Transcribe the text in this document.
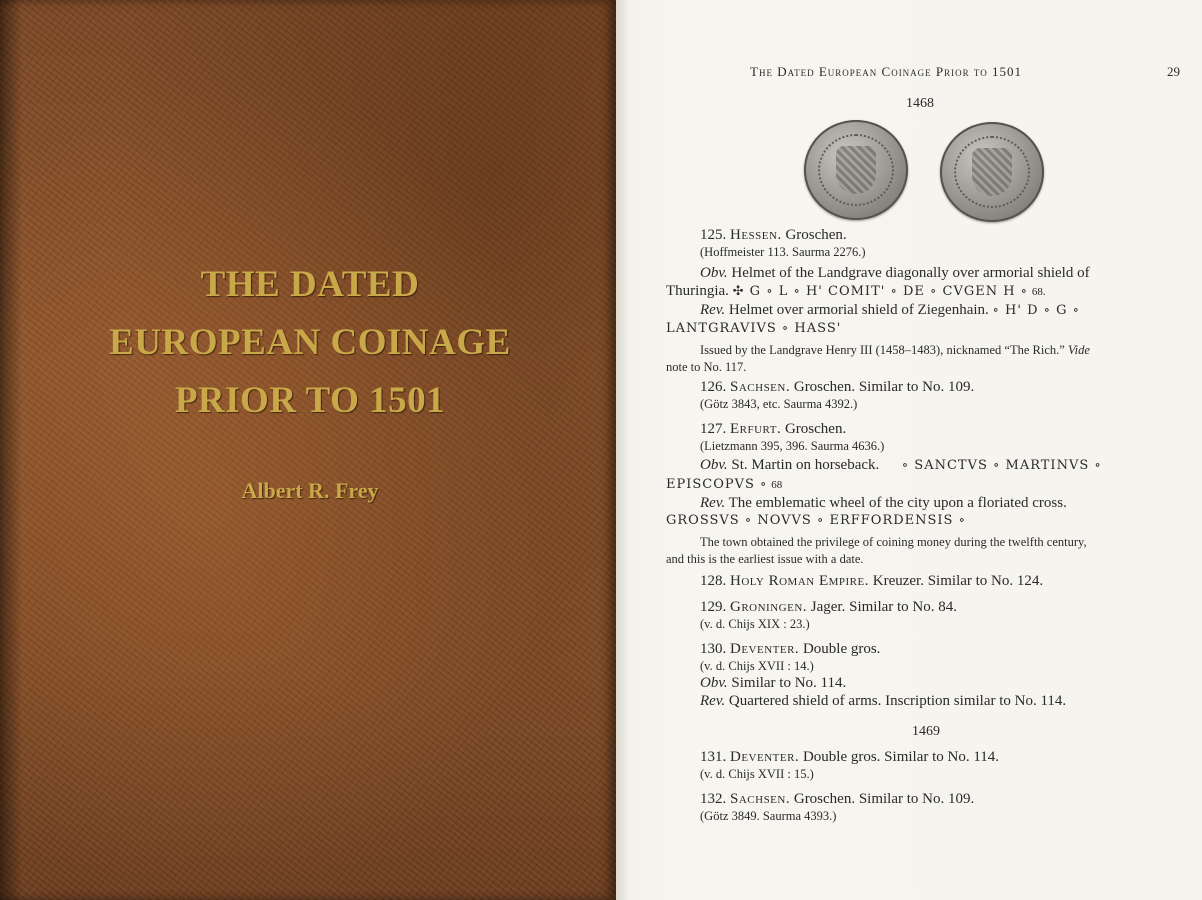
THE DATED
EUROPEAN COINAGE
PRIOR TO 1501
Albert R. Frey
The Dated European Coinage Prior to 1501	29
1468
125. Hessen. Groschen.
(Hoffmeister 113. Saurma 2276.)
Obv. Helmet of the Landgrave diagonally over armorial shield of
Thuringia. ✣ G ∘ L ∘ H' COMIT' ∘ DE ∘ CVGEN H ∘ 68.
Rev. Helmet over armorial shield of Ziegenhain. ∘ H' D ∘ G ∘
LANTGRAVIVS ∘ HASS'
Issued by the Landgrave Henry III (1458–1483), nicknamed “The Rich.” Vide
note to No. 117.
126. Sachsen. Groschen. Similar to No. 109.
(Götz 3843, etc. Saurma 4392.)
127. Erfurt. Groschen.
(Lietzmann 395, 396. Saurma 4636.)
Obv. St. Martin on horseback. ∘ SANCTVS ∘ MARTINVS ∘
EPISCOPVS ∘ 68
Rev. The emblematic wheel of the city upon a floriated cross.
GROSSVS ∘ NOVVS ∘ ERFFORDENSIS ∘
The town obtained the privilege of coining money during the twelfth century,
and this is the earliest issue with a date.
128. Holy Roman Empire. Kreuzer. Similar to No. 124.
129. Groningen. Jager. Similar to No. 84.
(v. d. Chijs XIX : 23.)
130. Deventer. Double gros.
(v. d. Chijs XVII : 14.)
Obv. Similar to No. 114.
Rev. Quartered shield of arms. Inscription similar to No. 114.
1469
131. Deventer. Double gros. Similar to No. 114.
(v. d. Chijs XVII : 15.)
132. Sachsen. Groschen. Similar to No. 109.
(Götz 3849. Saurma 4393.)
